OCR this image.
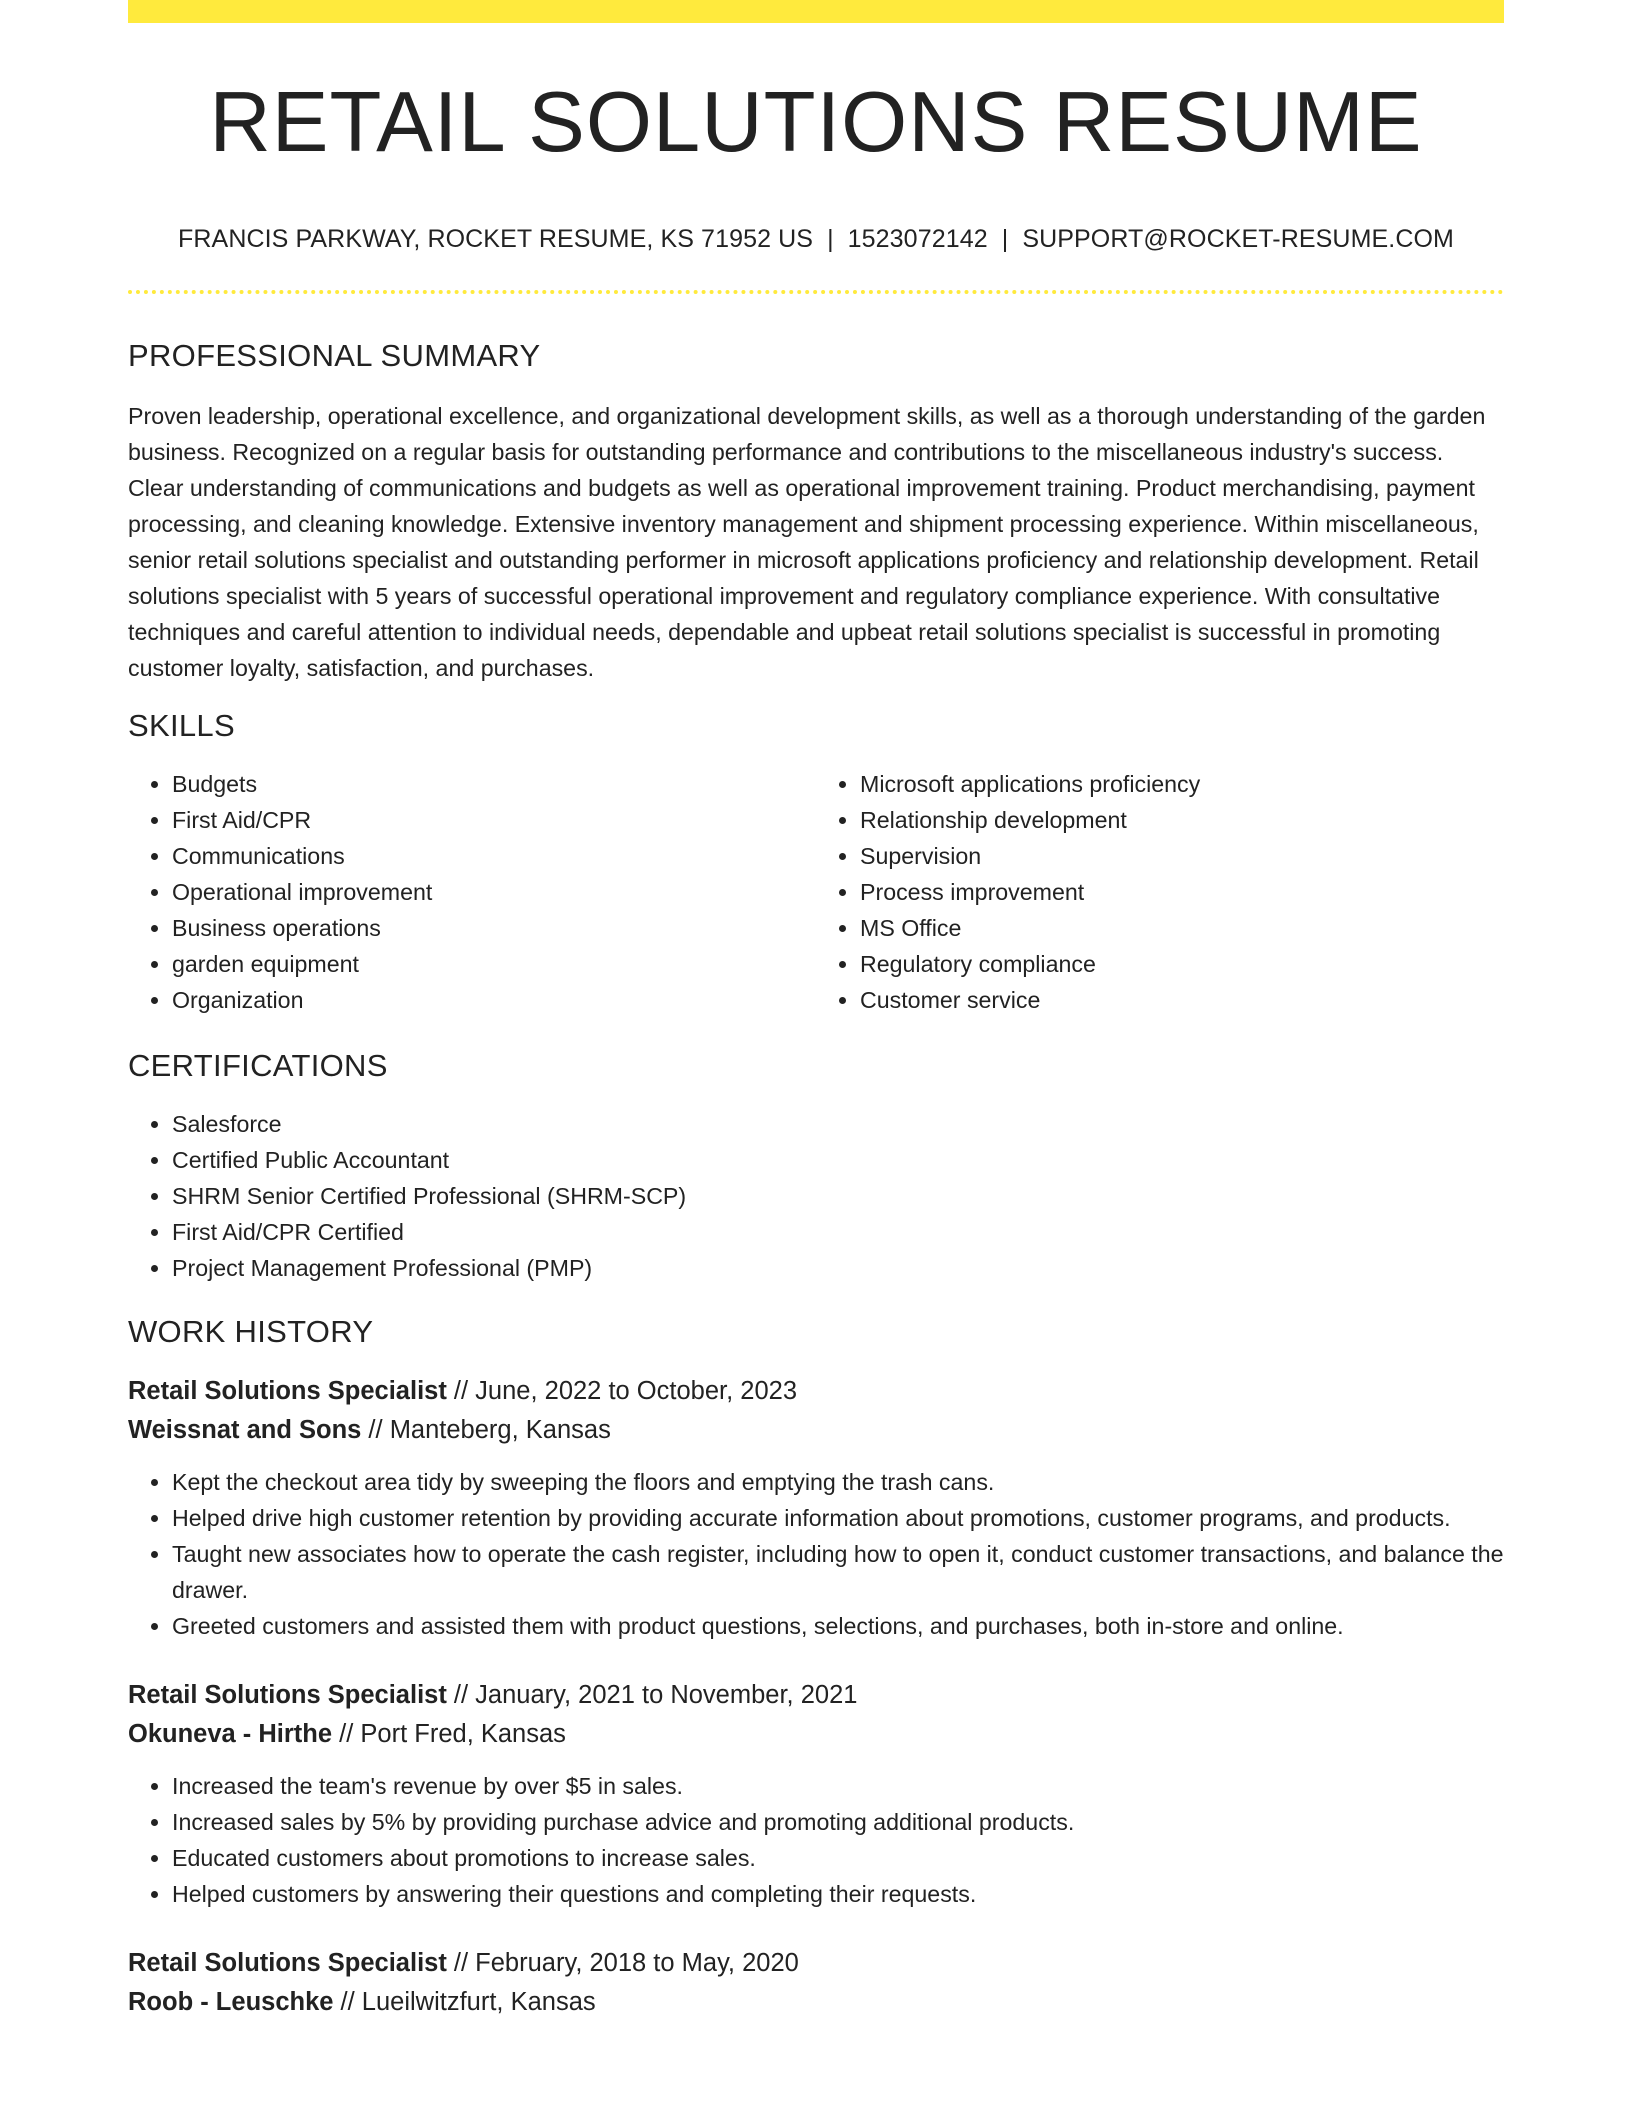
RETAIL SOLUTIONS RESUME
FRANCIS PARKWAY, ROCKET RESUME, KS 71952 US | 1523072142 | SUPPORT@ROCKET-RESUME.COM
PROFESSIONAL SUMMARY

Proven leadership, operational excellence, and organizational development skills, as well as a thorough understanding of the garden business. Recognized on a regular basis for outstanding performance and contributions to the miscellaneous industry's success. Clear understanding of communications and budgets as well as operational improvement training. Product merchandising, payment processing, and cleaning knowledge. Extensive inventory management and shipment processing experience. Within miscellaneous, senior retail solutions specialist and outstanding performer in microsoft applications proficiency and relationship development. Retail solutions specialist with 5 years of successful operational improvement and regulatory compliance experience. With consultative techniques and careful attention to individual needs, dependable and upbeat retail solutions specialist is successful in promoting customer loyalty, satisfaction, and purchases.

SKILLS
• Budgets
• First Aid/CPR
• Communications
• Operational improvement
• Business operations
• garden equipment
• Organization
• Microsoft applications proficiency
• Relationship development
• Supervision
• Process improvement
• MS Office
• Regulatory compliance
• Customer service
CERTIFICATIONS
• Salesforce
• Certified Public Accountant
• SHRM Senior Certified Professional (SHRM-SCP)
• First Aid/CPR Certified
• Project Management Professional (PMP)
WORK HISTORY
Retail Solutions Specialist // June, 2022 to October, 2023
Weissnat and Sons // Manteberg, Kansas
• Kept the checkout area tidy by sweeping the floors and emptying the trash cans.
• Helped drive high customer retention by providing accurate information about promotions, customer programs, and products.
• Taught new associates how to operate the cash register, including how to open it, conduct customer transactions, and balance the drawer.
• Greeted customers and assisted them with product questions, selections, and purchases, both in-store and online.
Retail Solutions Specialist // January, 2021 to November, 2021
Okuneva - Hirthe // Port Fred, Kansas
• Increased the team's revenue by over $5 in sales.
• Increased sales by 5% by providing purchase advice and promoting additional products.
• Educated customers about promotions to increase sales.
• Helped customers by answering their questions and completing their requests.
Retail Solutions Specialist // February, 2018 to May, 2020
Roob - Leuschke // Lueilwitzfurt, Kansas
